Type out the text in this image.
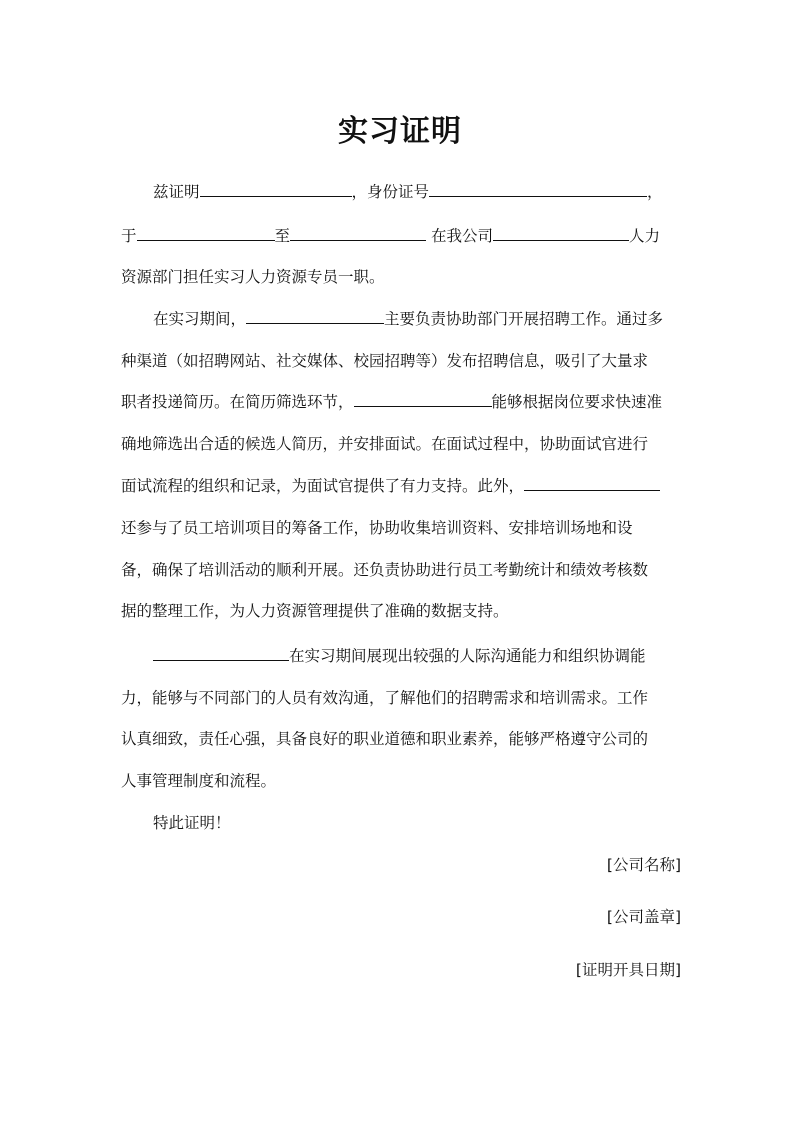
实习证明
兹证明	，身份证号	，
于	至	在我公司	人力
资源部门担任实习人力资源专员一职。
在实习期间，	主要负责协助部门开展招聘工作。通过多
种渠道（如招聘网站、社交媒体、校园招聘等）发布招聘信息，吸引了大量求
职者投递简历。在简历筛选环节，	能够根据岗位要求快速准
确地筛选出合适的候选人简历，并安排面试。在面试过程中，协助面试官进行
面试流程的组织和记录，为面试官提供了有力支持。此外，
还参与了员工培训项目的筹备工作，协助收集培训资料、安排培训场地和设
备，确保了培训活动的顺利开展。还负责协助进行员工考勤统计和绩效考核数
据的整理工作，为人力资源管理提供了准确的数据支持。
在实习期间展现出较强的人际沟通能力和组织协调能
力，能够与不同部门的人员有效沟通，了解他们的招聘需求和培训需求。工作
认真细致，责任心强，具备良好的职业道德和职业素养，能够严格遵守公司的
人事管理制度和流程。
特此证明！
[公司名称]
[公司盖章]
[证明开具日期]
